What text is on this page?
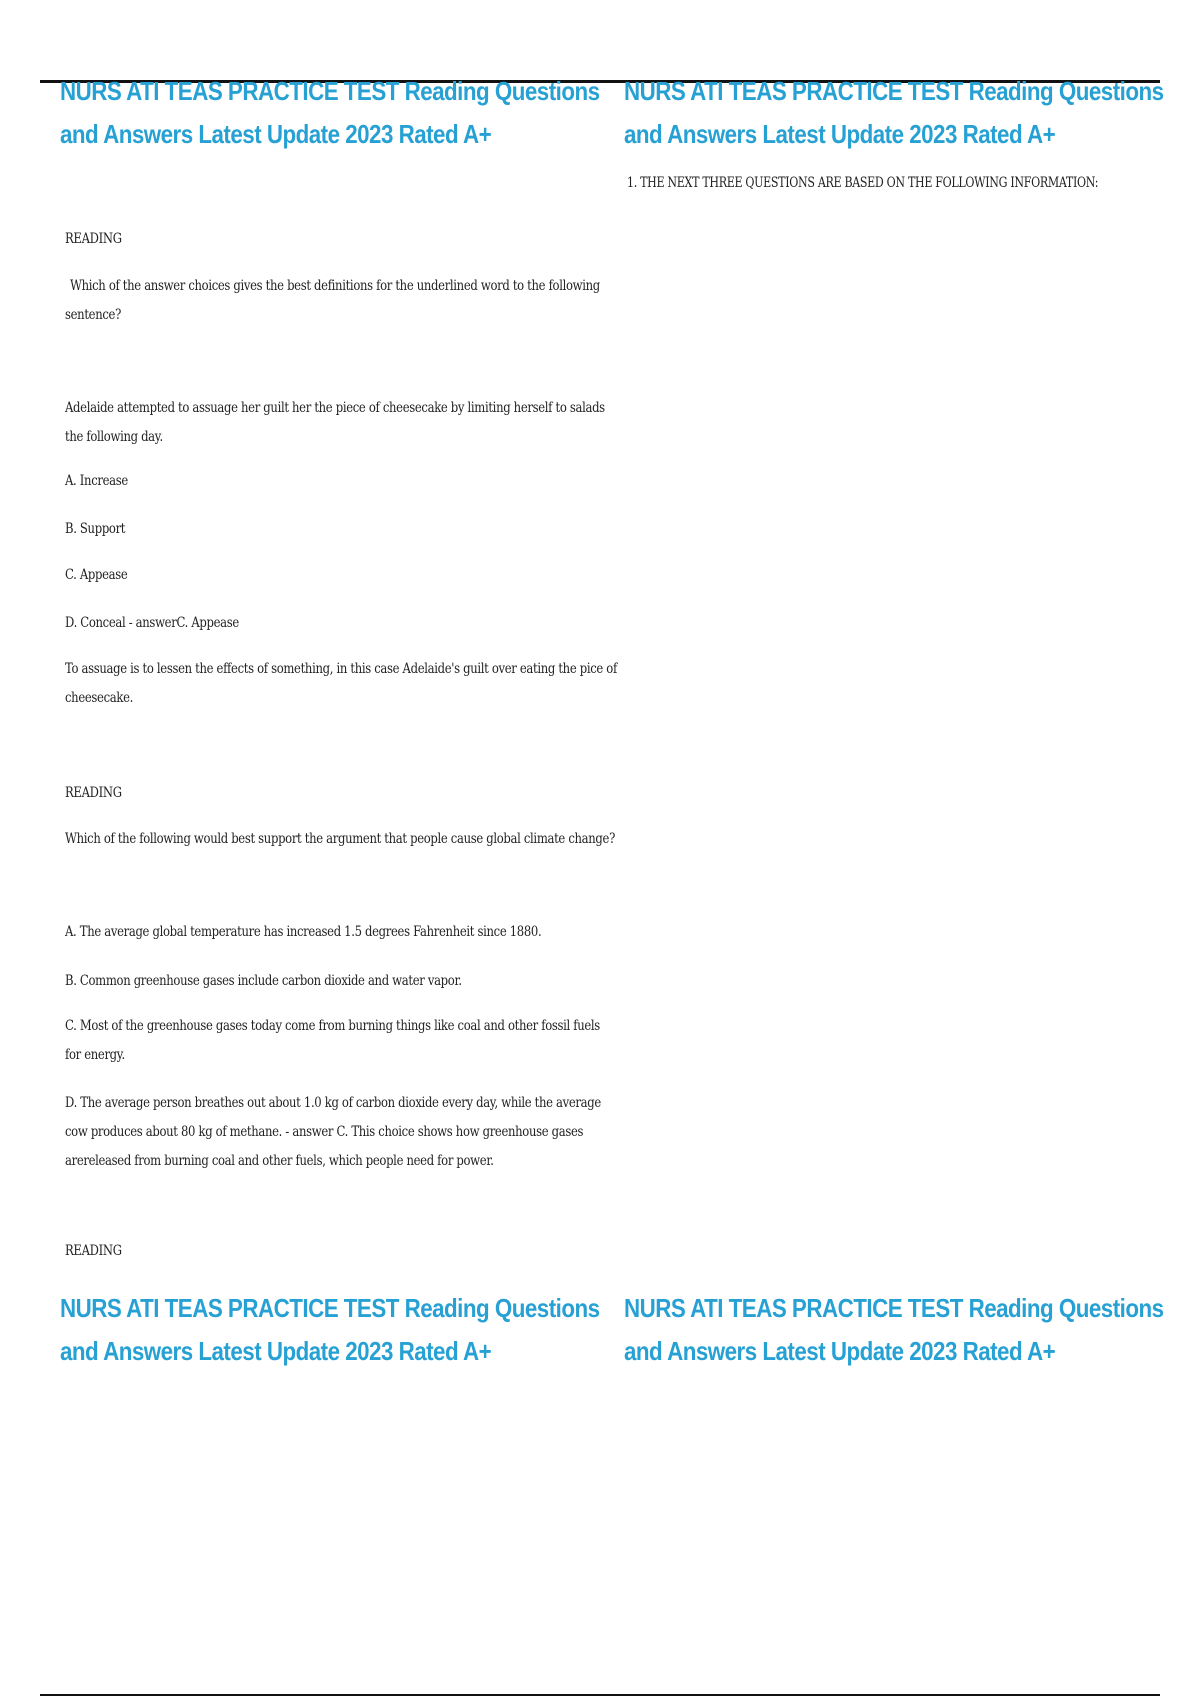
NURS ATI TEAS PRACTICE TEST Reading Questions
and Answers Latest Update 2023 Rated A+
NURS ATI TEAS PRACTICE TEST Reading Questions
and Answers Latest Update 2023 Rated A+
1. THE NEXT THREE QUESTIONS ARE BASED ON THE FOLLOWING INFORMATION:
READING
Which of the answer choices gives the best definitions for the underlined word to the following
sentence?
Adelaide attempted to assuage her guilt her the piece of cheesecake by limiting herself to salads
the following day.
A. Increase
B. Support
C. Appease
D. Conceal - answerC. Appease
To assuage is to lessen the effects of something, in this case Adelaide's guilt over eating the pice of
cheesecake.
READING
Which of the following would best support the argument that people cause global climate change?
A. The average global temperature has increased 1.5 degrees Fahrenheit since 1880.
B. Common greenhouse gases include carbon dioxide and water vapor.
C. Most of the greenhouse gases today come from burning things like coal and other fossil fuels
for energy.
D. The average person breathes out about 1.0 kg of carbon dioxide every day, while the average
cow produces about 80 kg of methane. - answer C. This choice shows how greenhouse gases
arereleased from burning coal and other fuels, which people need for power.
READING
NURS ATI TEAS PRACTICE TEST Reading Questions
and Answers Latest Update 2023 Rated A+
NURS ATI TEAS PRACTICE TEST Reading Questions
and Answers Latest Update 2023 Rated A+
